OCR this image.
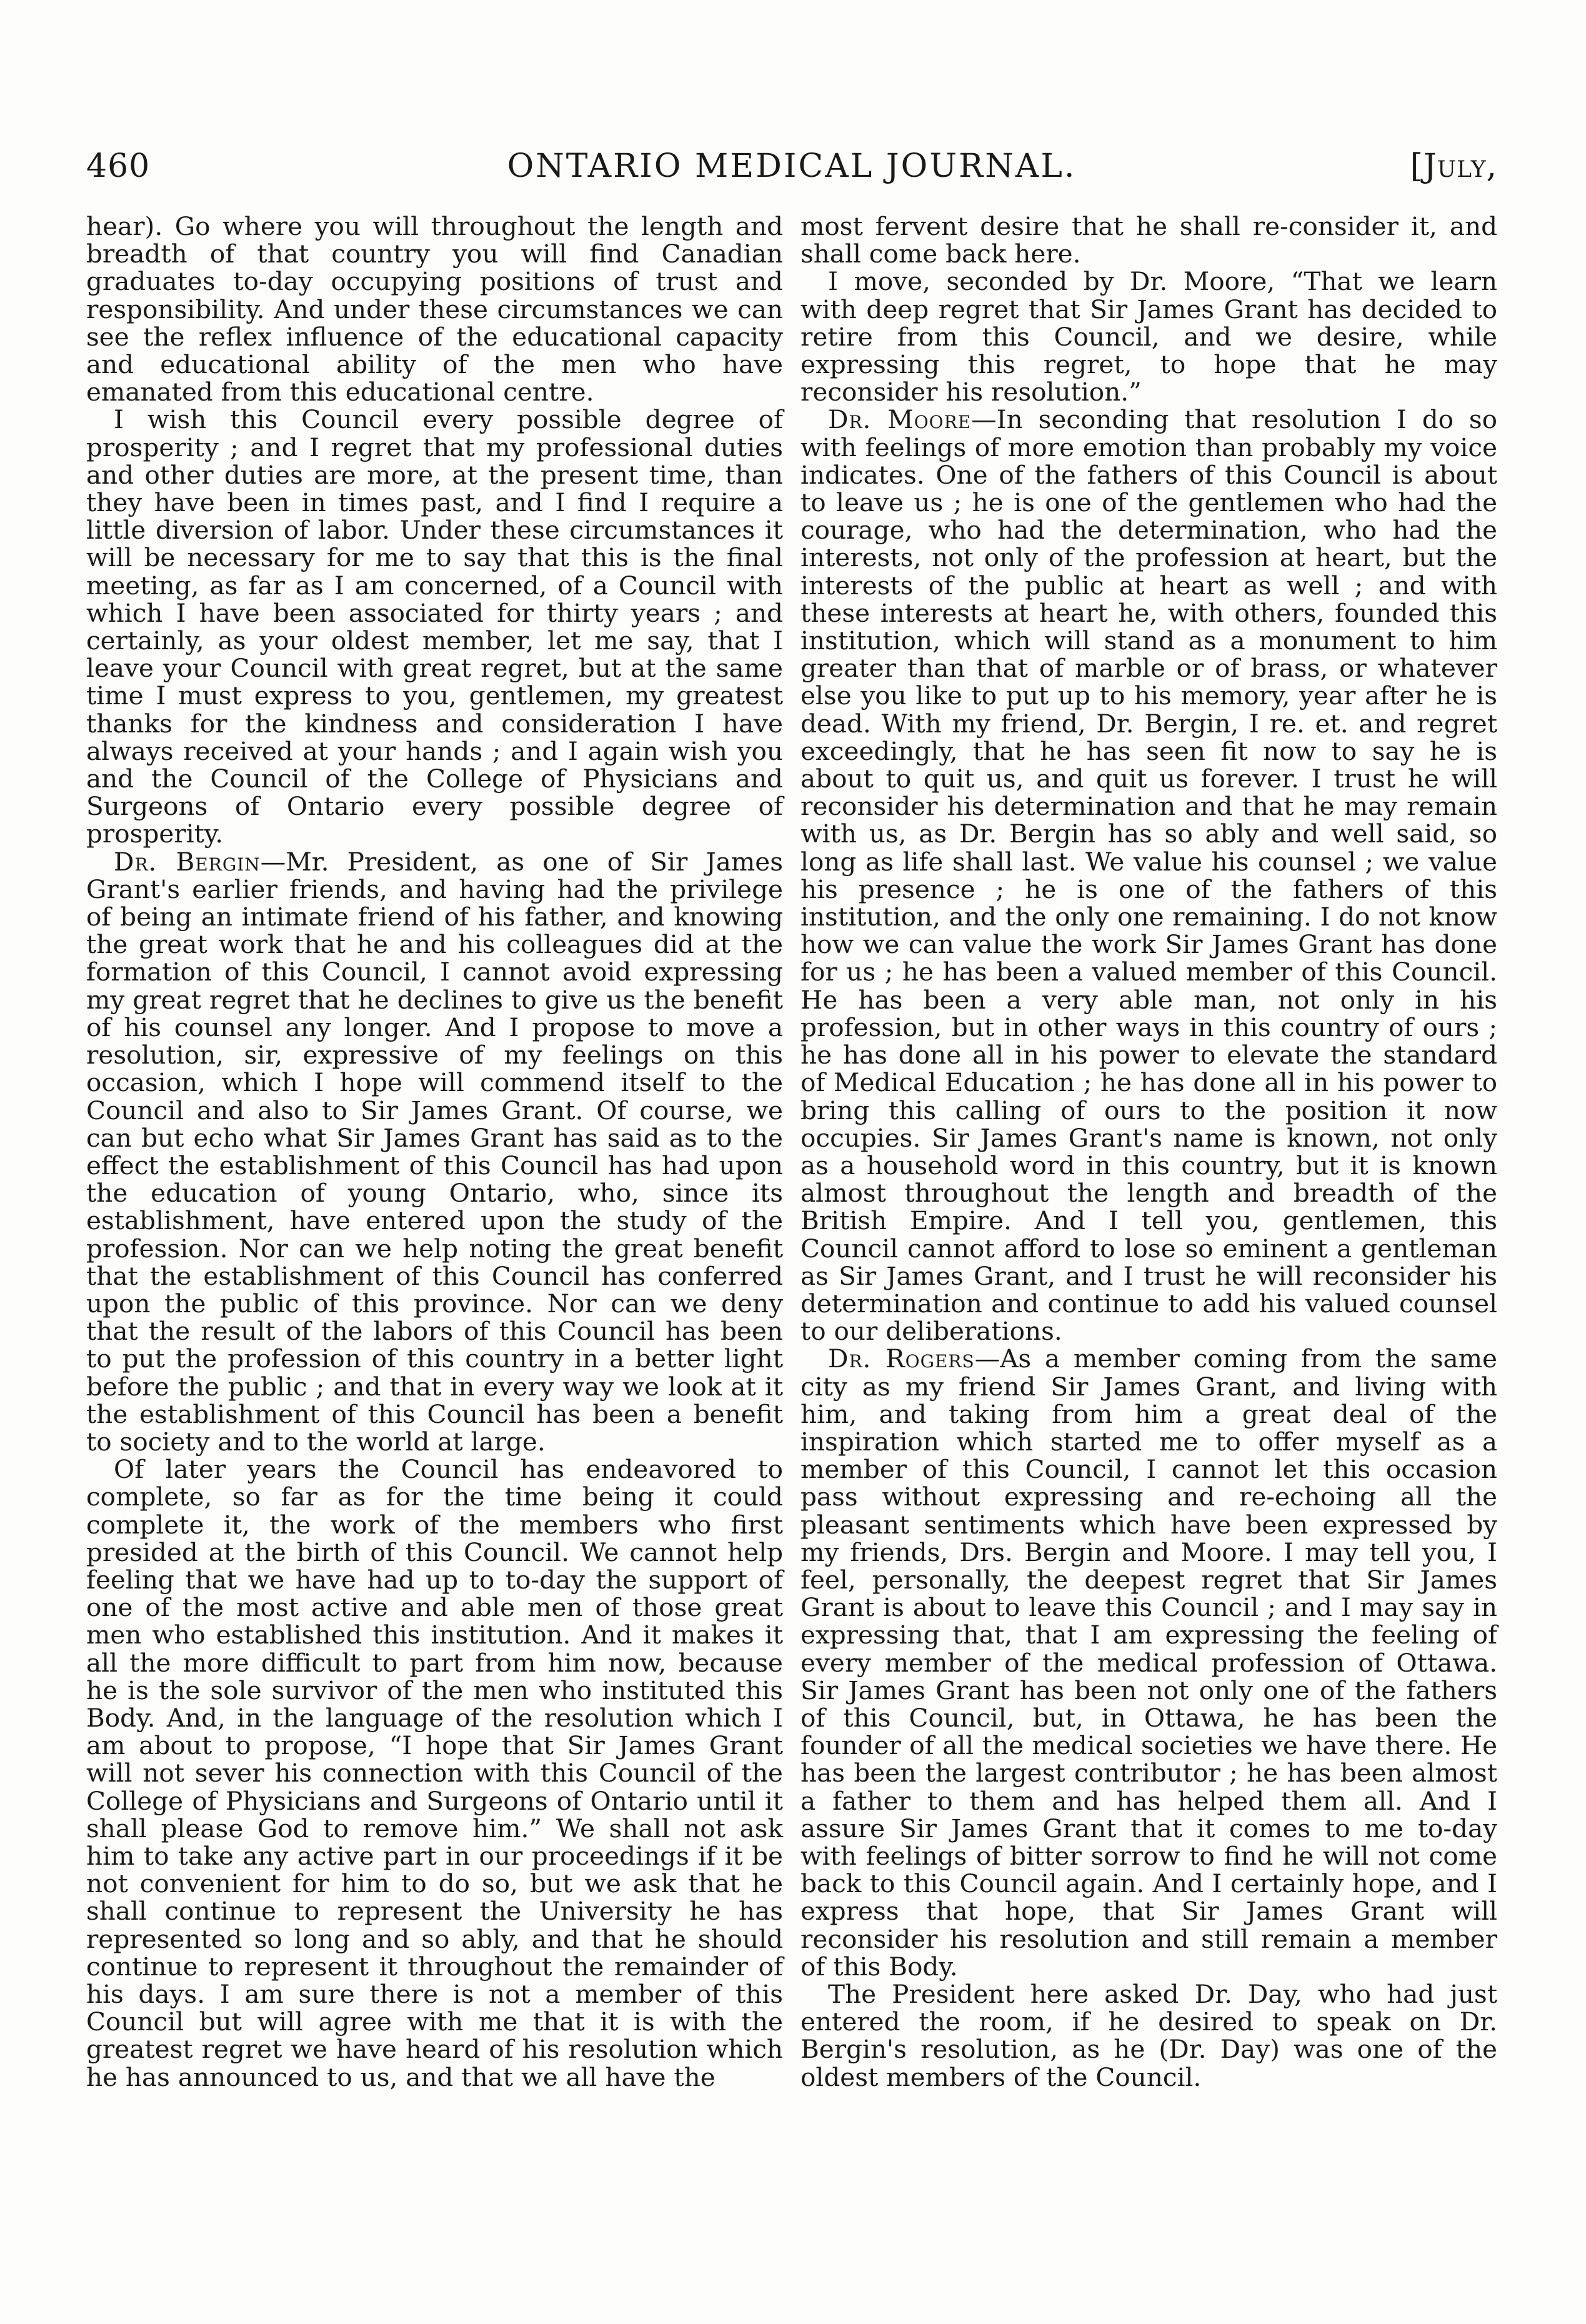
460	ONTARIO MEDICAL JOURNAL.	[July,

hear). Go where you will throughout the length and breadth of that country you will find Canadian graduates to-day occupying positions of trust and responsibility. And under these circumstances we can see the reflex influence of the educational capacity and educational ability of the men who have emanated from this educational centre.

I wish this Council every possible degree of prosperity ; and I regret that my professional duties and other duties are more, at the present time, than they have been in times past, and I find I require a little diversion of labor. Under these circumstances it will be necessary for me to say that this is the final meeting, as far as I am concerned, of a Council with which I have been associated for thirty years ; and certainly, as your oldest member, let me say, that I leave your Council with great regret, but at the same time I must express to you, gentlemen, my greatest thanks for the kindness and consideration I have always received at your hands ; and I again wish you and the Council of the College of Physicians and Surgeons of Ontario every possible degree of prosperity.

Dr. Bergin—Mr. President, as one of Sir James Grant's earlier friends, and having had the privilege of being an intimate friend of his father, and knowing the great work that he and his colleagues did at the formation of this Council, I cannot avoid expressing my great regret that he declines to give us the benefit of his counsel any longer. And I propose to move a resolution, sir, expressive of my feelings on this occasion, which I hope will commend itself to the Council and also to Sir James Grant. Of course, we can but echo what Sir James Grant has said as to the effect the establishment of this Council has had upon the education of young Ontario, who, since its establishment, have entered upon the study of the profession. Nor can we help noting the great benefit that the establishment of this Council has conferred upon the public of this province. Nor can we deny that the result of the labors of this Council has been to put the profession of this country in a better light before the public ; and that in every way we look at it the establishment of this Council has been a benefit to society and to the world at large.

Of later years the Council has endeavored to complete, so far as for the time being it could complete it, the work of the members who first presided at the birth of this Council. We cannot help feeling that we have had up to to-day the support of one of the most active and able men of those great men who established this institution. And it makes it all the more difficult to part from him now, because he is the sole survivor of the men who instituted this Body. And, in the language of the resolution which I am about to propose, “I hope that Sir James Grant will not sever his connection with this Council of the College of Physicians and Surgeons of Ontario until it shall please God to remove him.” We shall not ask him to take any active part in our proceedings if it be not convenient for him to do so, but we ask that he shall continue to represent the University he has represented so long and so ably, and that he should continue to represent it throughout the remainder of his days. I am sure there is not a member of this Council but will agree with me that it is with the greatest regret we have heard of his resolution which he has announced to us, and that we all have the

most fervent desire that he shall re-consider it, and shall come back here.

I move, seconded by Dr. Moore, “That we learn with deep regret that Sir James Grant has decided to retire from this Council, and we desire, while expressing this regret, to hope that he may reconsider his resolution.”

Dr. Moore—In seconding that resolution I do so with feelings of more emotion than probably my voice indicates. One of the fathers of this Council is about to leave us ; he is one of the gentlemen who had the courage, who had the determination, who had the interests, not only of the profession at heart, but the interests of the public at heart as well ; and with these interests at heart he, with others, founded this institution, which will stand as a monument to him greater than that of marble or of brass, or whatever else you like to put up to his memory, year after he is dead. With my friend, Dr. Bergin, I re. et. and regret exceedingly, that he has seen fit now to say he is about to quit us, and quit us forever. I trust he will reconsider his determination and that he may remain with us, as Dr. Bergin has so ably and well said, so long as life shall last. We value his counsel ; we value his presence ; he is one of the fathers of this institution, and the only one remaining. I do not know how we can value the work Sir James Grant has done for us ; he has been a valued member of this Council. He has been a very able man, not only in his profession, but in other ways in this country of ours ; he has done all in his power to elevate the standard of Medical Education ; he has done all in his power to bring this calling of ours to the position it now occupies. Sir James Grant's name is known, not only as a household word in this country, but it is known almost throughout the length and breadth of the British Empire. And I tell you, gentlemen, this Council cannot afford to lose so eminent a gentleman as Sir James Grant, and I trust he will reconsider his determination and continue to add his valued counsel to our deliberations.

Dr. Rogers—As a member coming from the same city as my friend Sir James Grant, and living with him, and taking from him a great deal of the inspiration which started me to offer myself as a member of this Council, I cannot let this occasion pass without expressing and re-echoing all the pleasant sentiments which have been expressed by my friends, Drs. Bergin and Moore. I may tell you, I feel, personally, the deepest regret that Sir James Grant is about to leave this Council ; and I may say in expressing that, that I am expressing the feeling of every member of the medical profession of Ottawa. Sir James Grant has been not only one of the fathers of this Council, but, in Ottawa, he has been the founder of all the medical societies we have there. He has been the largest contributor ; he has been almost a father to them and has helped them all. And I assure Sir James Grant that it comes to me to-day with feelings of bitter sorrow to find he will not come back to this Council again. And I certainly hope, and I express that hope, that Sir James Grant will reconsider his resolution and still remain a member of this Body.

The President here asked Dr. Day, who had just entered the room, if he desired to speak on Dr. Bergin's resolution, as he (Dr. Day) was one of the oldest members of the Council.
